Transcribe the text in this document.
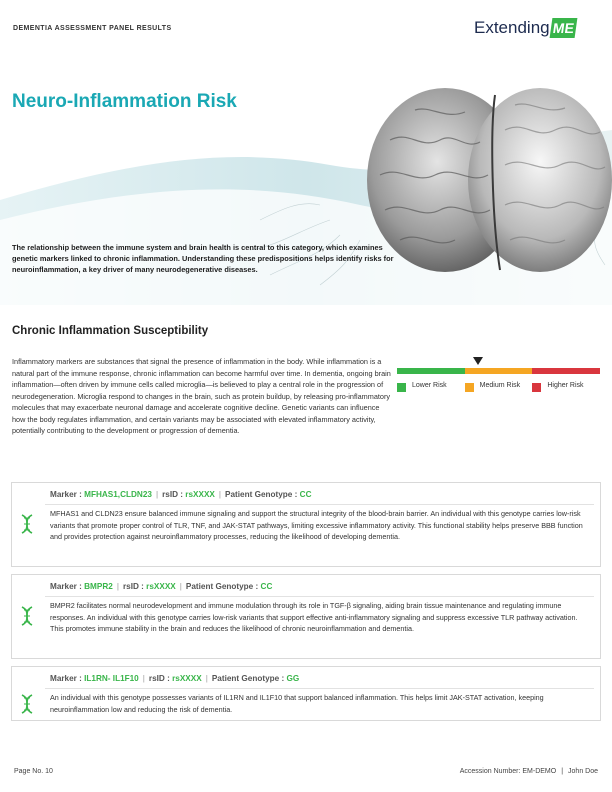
DEMENTIA ASSESSMENT PANEL RESULTS	Extending ME
Neuro-Inflammation Risk
The relationship between the immune system and brain health is central to this category, which examines genetic markers linked to chronic inflammation. Understanding these predispositions helps identify risks for neuroinflammation, a key driver of many neurodegenerative diseases.
Chronic Inflammation Susceptibility
Inflammatory markers are substances that signal the presence of inflammation in the body. While inflammation is a natural part of the immune response, chronic inflammation can become harmful over time. In dementia, ongoing brain inflammation—often driven by immune cells called microglia—is believed to play a central role in the progression of neurodegeneration. Microglia respond to changes in the brain, such as protein buildup, by releasing pro-inflammatory molecules that may exacerbate neuronal damage and accelerate cognitive decline. Genetic variants can influence how the body regulates inflammation, and certain variants may be associated with elevated inflammatory activity, potentially contributing to the development or progression of dementia.
Lower Risk	Medium Risk	Higher Risk
Marker : MFHAS1,CLDN23 | rsID : rsXXXX | Patient Genotype : CC
MFHAS1 and CLDN23 ensure balanced immune signaling and support the structural integrity of the blood-brain barrier. An individual with this genotype carries low-risk variants that promote proper control of TLR, TNF, and JAK-STAT pathways, limiting excessive inflammatory activity. This functional stability helps preserve BBB function and provides protection against neuroinflammatory processes, reducing the likelihood of developing dementia.
Marker : BMPR2 | rsID : rsXXXX | Patient Genotype : CC
BMPR2 facilitates normal neurodevelopment and immune modulation through its role in TGF-β signaling, aiding brain tissue maintenance and regulating immune responses. An individual with this genotype carries low-risk variants that support effective anti-inflammatory signaling and suppress excessive TLR pathway activation. This promotes immune stability in the brain and reduces the likelihood of chronic neuroinflammation and dementia.
Marker : IL1RN- IL1F10 | rsID : rsXXXX | Patient Genotype : GG
An individual with this genotype possesses variants of IL1RN and IL1F10 that support balanced inflammation. This helps limit JAK-STAT activation, keeping neuroinflammation low and reducing the risk of dementia.
Page No. 10	Accession Number: EM-DEMO | John Doe
